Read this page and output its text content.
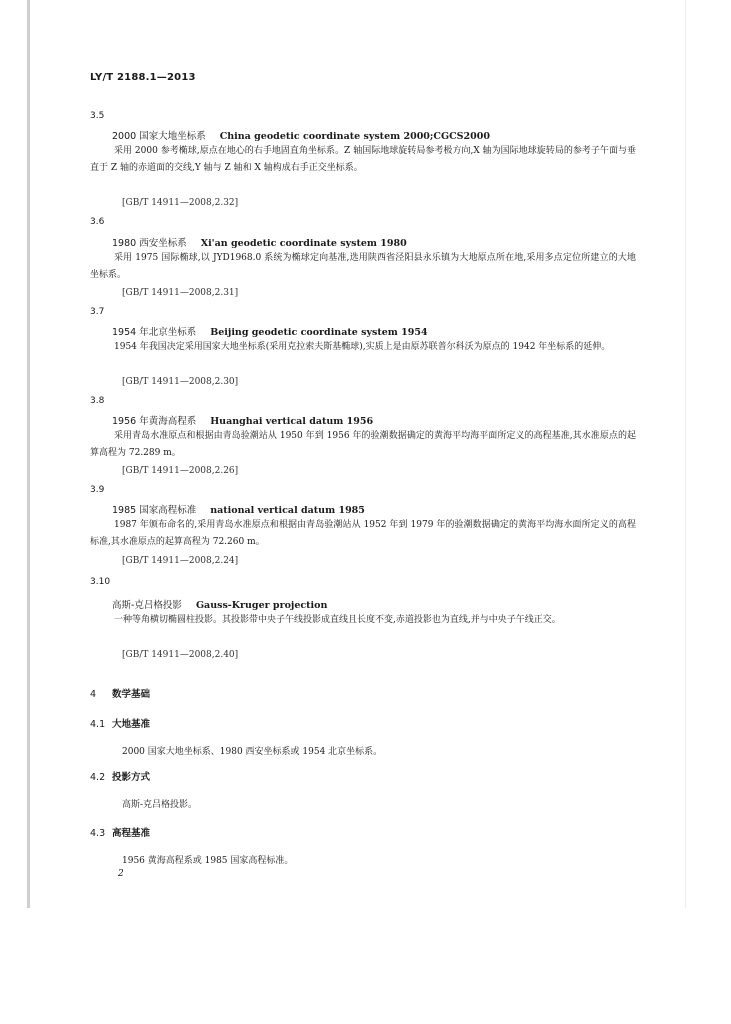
LY/T 2188.1—2013
3.5
2000 国家大地坐标系 China geodetic coordinate system 2000;CGCS2000
采用 2000 参考椭球,原点在地心的右手地固直角坐标系。Z 轴国际地球旋转局参考极方向,X 轴为国际地球旋转局的参考子午面与垂直于 Z 轴的赤道面的交线,Y 轴与 Z 轴和 X 轴构成右手正交坐标系。
[GB/T 14911—2008,2.32]
3.6
1980 西安坐标系 Xi'an geodetic coordinate system 1980
采用 1975 国际椭球,以 JYD1968.0 系统为椭球定向基准,选用陕西省泾阳县永乐镇为大地原点所在地,采用多点定位所建立的大地坐标系。
[GB/T 14911—2008,2.31]
3.7
1954 年北京坐标系 Beijing geodetic coordinate system 1954
1954 年我国决定采用国家大地坐标系(采用克拉索夫斯基椭球),实质上是由原苏联普尔科沃为原点的 1942 年坐标系的延伸。
[GB/T 14911—2008,2.30]
3.8
1956 年黄海高程系 Huanghai vertical datum 1956
采用青岛水准原点和根据由青岛验潮站从 1950 年到 1956 年的验潮数据确定的黄海平均海平面所定义的高程基准,其水准原点的起算高程为 72.289 m。
[GB/T 14911—2008,2.26]
3.9
1985 国家高程标准 national vertical datum 1985
1987 年颁布命名的,采用青岛水准原点和根据由青岛验潮站从 1952 年到 1979 年的验潮数据确定的黄海平均海水面所定义的高程标准,其水准原点的起算高程为 72.260 m。
[GB/T 14911—2008,2.24]
3.10
高斯-克吕格投影 Gauss-Kruger projection
一种等角横切椭圆柱投影。其投影带中央子午线投影成直线且长度不变,赤道投影也为直线,并与中央子午线正交。
[GB/T 14911—2008,2.40]
4 数学基础
4.1 大地基准
2000 国家大地坐标系、1980 西安坐标系或 1954 北京坐标系。
4.2 投影方式
高斯-克吕格投影。
4.3 高程基准
1956 黄海高程系或 1985 国家高程标准。
2
